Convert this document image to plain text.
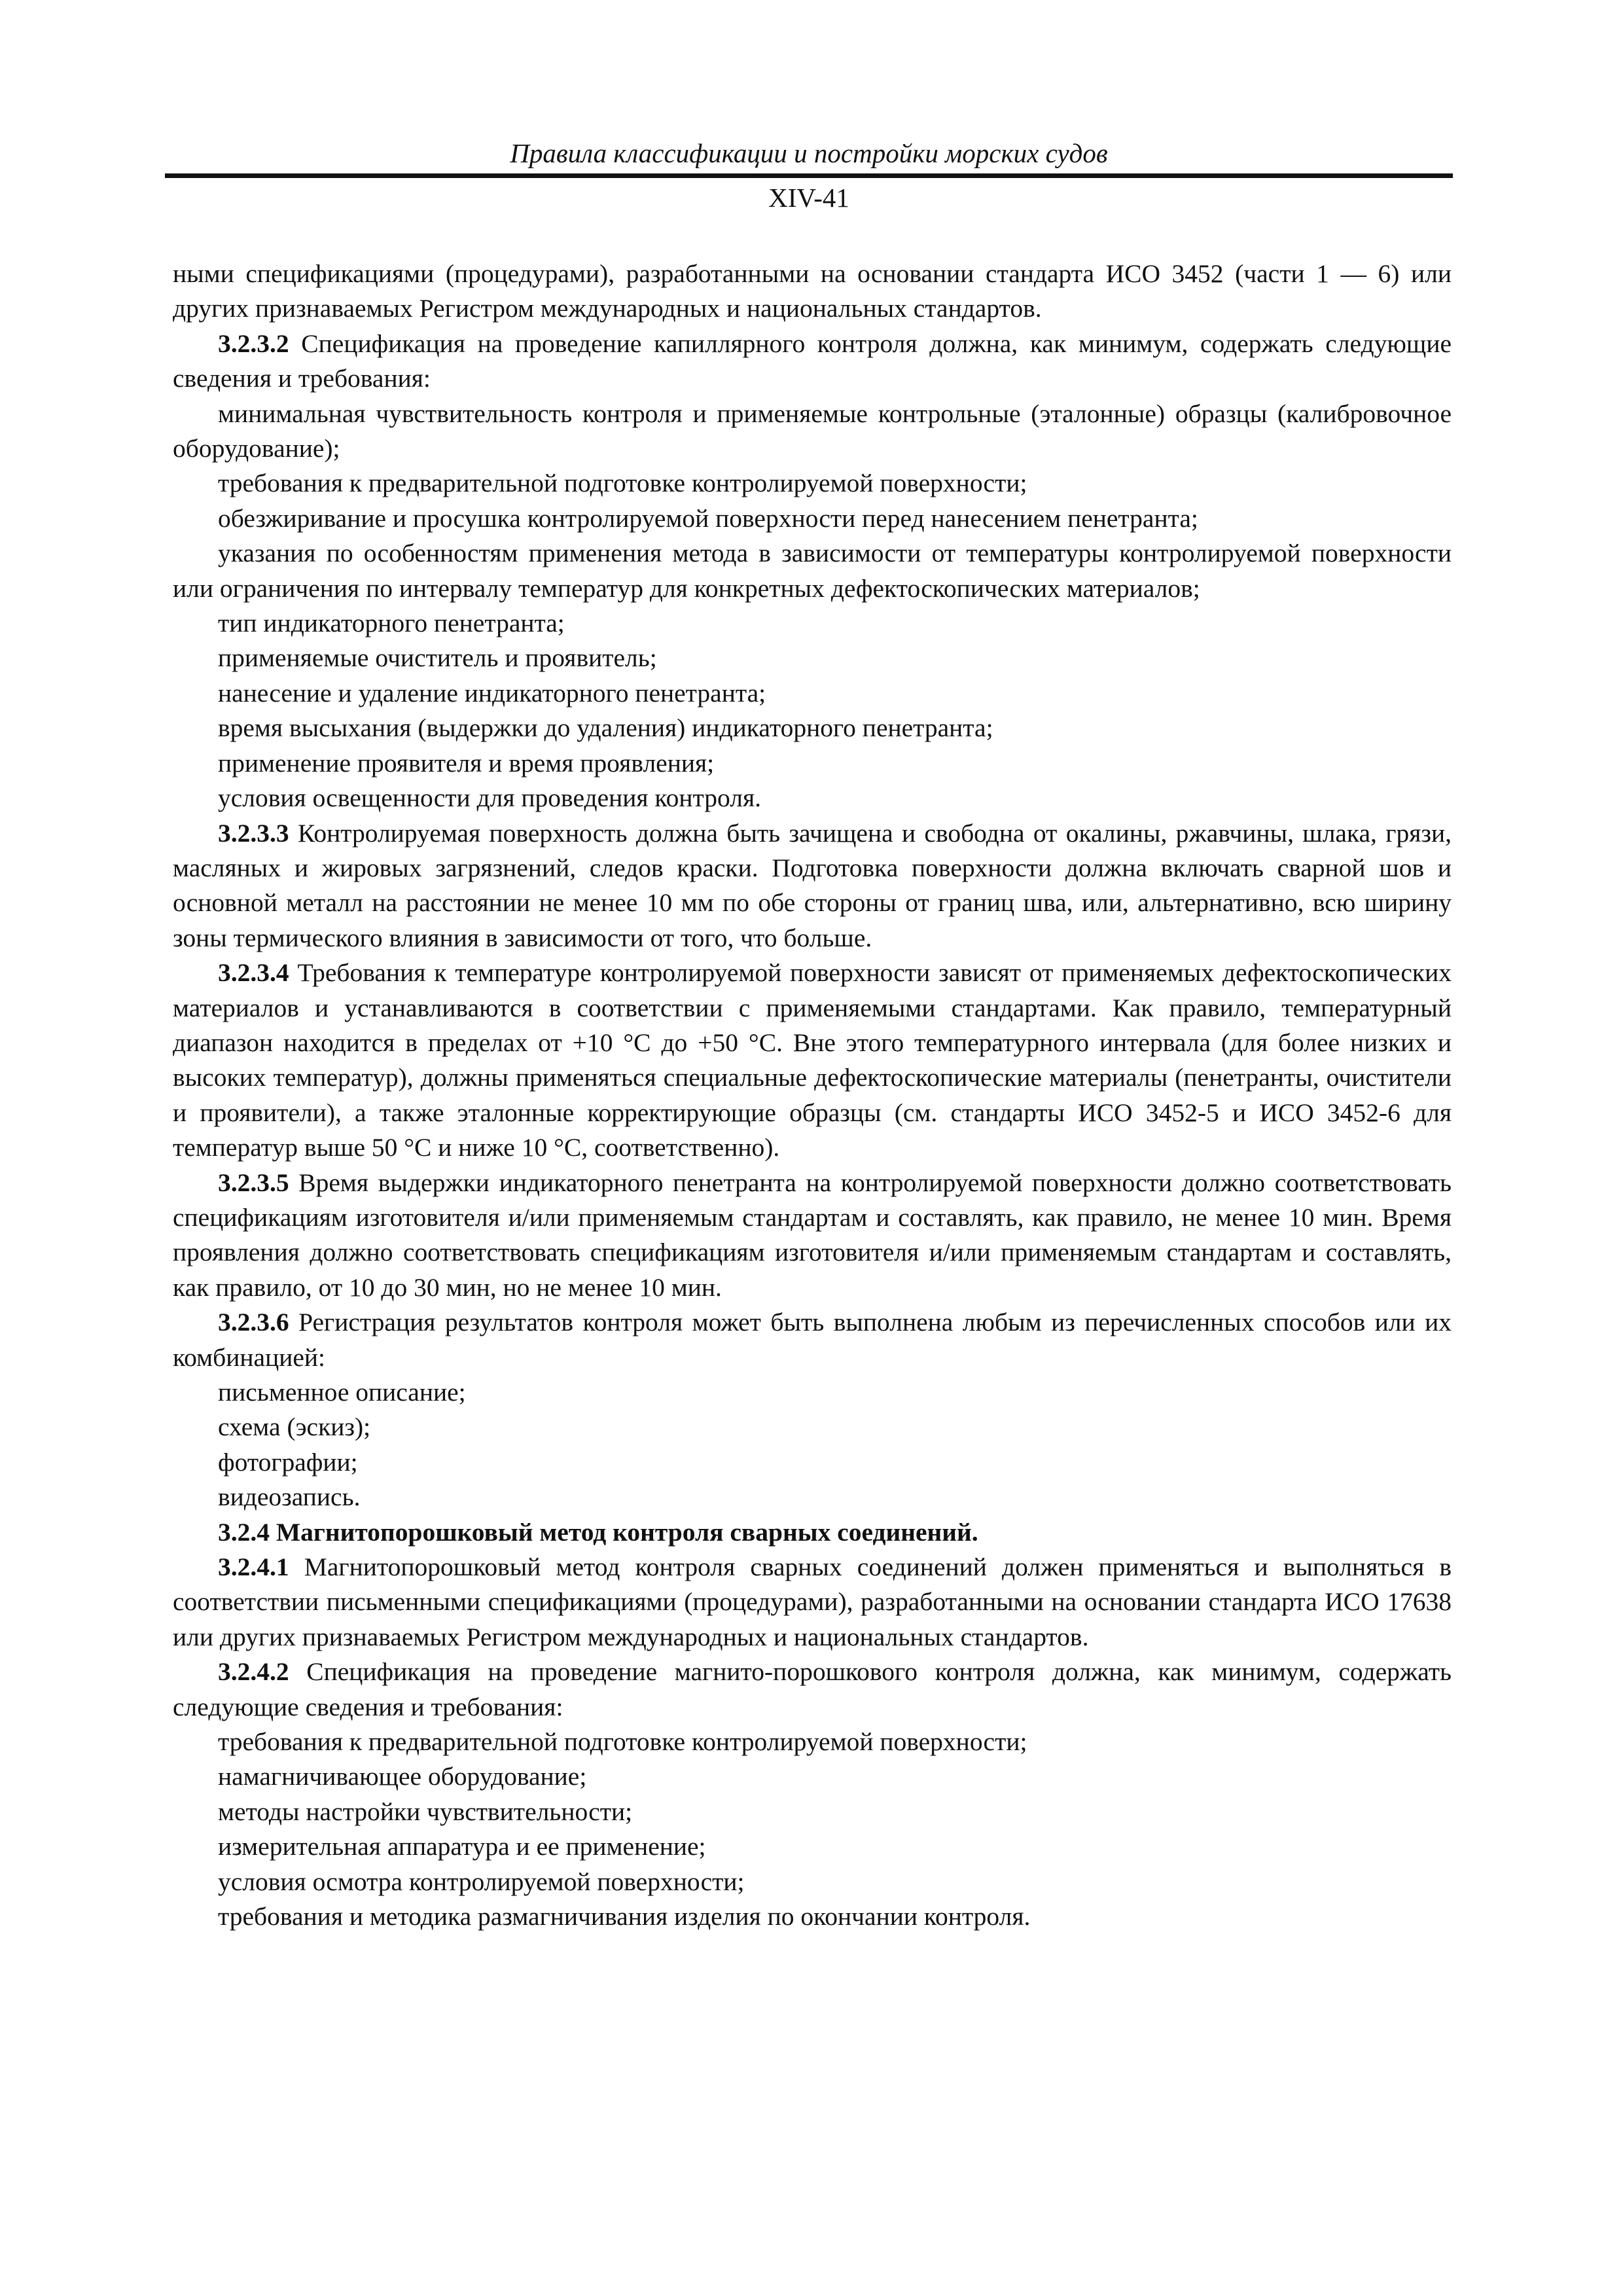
Правила классификации и постройки морских судов
XIV-41

ными спецификациями (процедурами), разработанными на основании стандарта ИСО 3452 (части 1 — 6) или других признаваемых Регистром международных и национальных стандартов.

3.2.3.2 Спецификация на проведение капиллярного контроля должна, как минимум, содержать следующие сведения и требования:

минимальная чувствительность контроля и применяемые контрольные (эталонные) образцы (калибровочное оборудование);

требования к предварительной подготовке контролируемой поверхности;

обезжиривание и просушка контролируемой поверхности перед нанесением пенетранта;

указания по особенностям применения метода в зависимости от температуры контролируемой поверхности или ограничения по интервалу температур для конкретных дефектоскопических материалов;

тип индикаторного пенетранта;

применяемые очиститель и проявитель;

нанесение и удаление индикаторного пенетранта;

время высыхания (выдержки до удаления) индикаторного пенетранта;

применение проявителя и время проявления;

условия освещенности для проведения контроля.

3.2.3.3 Контролируемая поверхность должна быть зачищена и свободна от окалины, ржавчины, шлака, грязи, масляных и жировых загрязнений, следов краски. Подготовка поверхности должна включать сварной шов и основной металл на расстоянии не менее 10 мм по обе стороны от границ шва, или, альтернативно, всю ширину зоны термического влияния в зависимости от того, что больше.

3.2.3.4 Требования к температуре контролируемой поверхности зависят от применяемых дефектоскопических материалов и устанавливаются в соответствии с применяемыми стандартами. Как правило, температурный диапазон находится в пределах от +10 °С до +50 °С. Вне этого температурного интервала (для более низких и высоких температур), должны применяться специальные дефектоскопические материалы (пенетранты, очистители и проявители), а также эталонные корректирующие образцы (см. стандарты ИСО 3452-5 и ИСО 3452-6 для температур выше 50 °С и ниже 10 °С, соответственно).

3.2.3.5 Время выдержки индикаторного пенетранта на контролируемой поверхности должно соответствовать спецификациям изготовителя и/или применяемым стандартам и составлять, как правило, не менее 10 мин. Время проявления должно соответствовать спецификациям изготовителя и/или применяемым стандартам и составлять, как правило, от 10 до 30 мин, но не менее 10 мин.

3.2.3.6 Регистрация результатов контроля может быть выполнена любым из перечисленных способов или их комбинацией:

письменное описание;

схема (эскиз);

фотографии;

видеозапись.

3.2.4 Магнитопорошковый метод контроля сварных соединений.

3.2.4.1 Магнитопорошковый метод контроля сварных соединений должен применяться и выполняться в соответствии письменными спецификациями (процедурами), разработанными на основании стандарта ИСО 17638 или других признаваемых Регистром международных и национальных стандартов.

3.2.4.2 Спецификация на проведение магнито-порошкового контроля должна, как минимум, содержать следующие сведения и требования:

требования к предварительной подготовке контролируемой поверхности;

намагничивающее оборудование;

методы настройки чувствительности;

измерительная аппаратура и ее применение;

условия осмотра контролируемой поверхности;

требования и методика размагничивания изделия по окончании контроля.
